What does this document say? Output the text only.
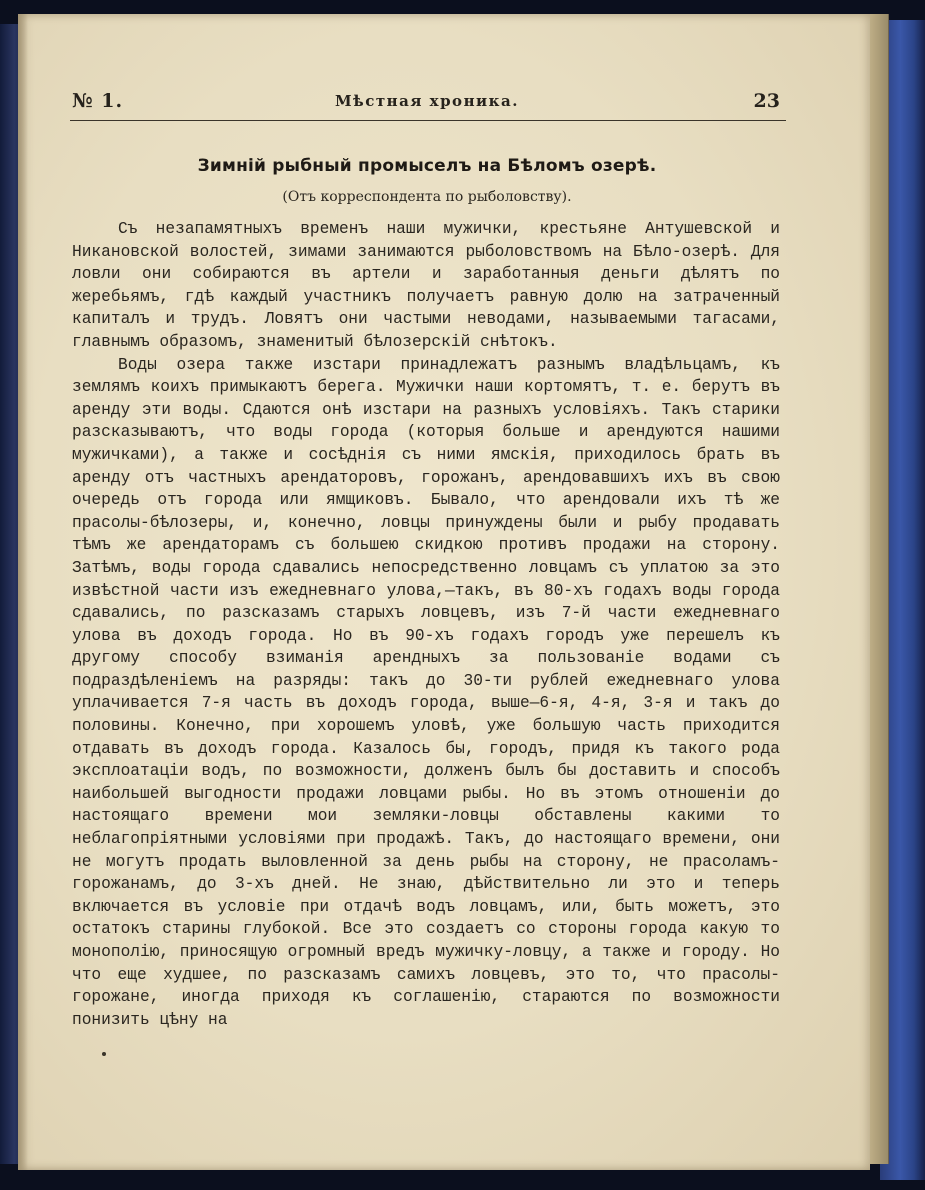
№ 1.	Мѣстная хроника.	23
Зимній рыбный промыселъ на Бѣломъ озерѣ.
(Отъ корреспондента по рыболовству).

Съ незапамятныхъ временъ наши мужички, крестьяне Антушевской и Никановской волостей, зимами занимаются рыболовствомъ на Бѣло-озерѣ. Для ловли они собираются въ артели и заработанныя деньги дѣлятъ по жеребьямъ, гдѣ каждый участникъ получаетъ равную долю на затраченный капиталъ и трудъ. Ловятъ они частыми неводами, называемыми тагасами, главнымъ образомъ, знаменитый бѣлозерскій снѣтокъ.

Воды озера также изстари принадлежатъ разнымъ владѣльцамъ, къ землямъ коихъ примыкаютъ берега. Мужички наши кортомятъ, т. е. берутъ въ аренду эти воды. Сдаются онѣ изстари на разныхъ условіяхъ. Такъ старики разсказываютъ, что воды города (которыя больше и арендуются нашими мужичками), а также и сосѣднія съ ними ямскія, приходилось брать въ аренду отъ частныхъ арендаторовъ, горожанъ, арендовавшихъ ихъ въ свою очередь отъ города или ямщиковъ. Бывало, что арендовали ихъ тѣ же прасолы-бѣлозеры, и, конечно, ловцы принуждены были и рыбу продавать тѣмъ же арендаторамъ съ большею скидкою противъ продажи на сторону. Затѣмъ, воды города сдавались непосредственно ловцамъ съ уплатою за это извѣстной части изъ ежедневнаго улова,—такъ, въ 80-хъ годахъ воды города сдавались, по разсказамъ старыхъ ловцевъ, изъ 7-й части ежедневнаго улова въ доходъ города. Но въ 90-хъ годахъ городъ уже перешелъ къ другому способу взиманія арендныхъ за пользованіе водами съ подраздѣленіемъ на разряды: такъ до 30-ти рублей ежедневнаго улова уплачивается 7-я часть въ доходъ города, выше—6-я, 4-я, 3-я и такъ до половины. Конечно, при хорошемъ уловѣ, уже большую часть приходится отдавать въ доходъ города. Казалось бы, городъ, придя къ такого рода эксплоатаціи водъ, по возможности, долженъ былъ бы доставить и способъ наибольшей выгодности продажи ловцами рыбы. Но въ этомъ отношеніи до настоящаго времени мои земляки-ловцы обставлены какими то неблагопріятными условіями при продажѣ. Такъ, до настоящаго времени, они не могутъ продать выловленной за день рыбы на сторону, не прасоламъ-горожанамъ, до 3-хъ дней. Не знаю, дѣйствительно ли это и теперь включается въ условіе при отдачѣ водъ ловцамъ, или, быть можетъ, это остатокъ старины глубокой. Все это создаетъ со стороны города какую то монополію, приносящую огромный вредъ мужичку-ловцу, а также и городу. Но что еще худшее, по разсказамъ самихъ ловцевъ, это то, что прасолы-горожане, иногда приходя къ соглашенію, стараются по возможности понизить цѣну на
